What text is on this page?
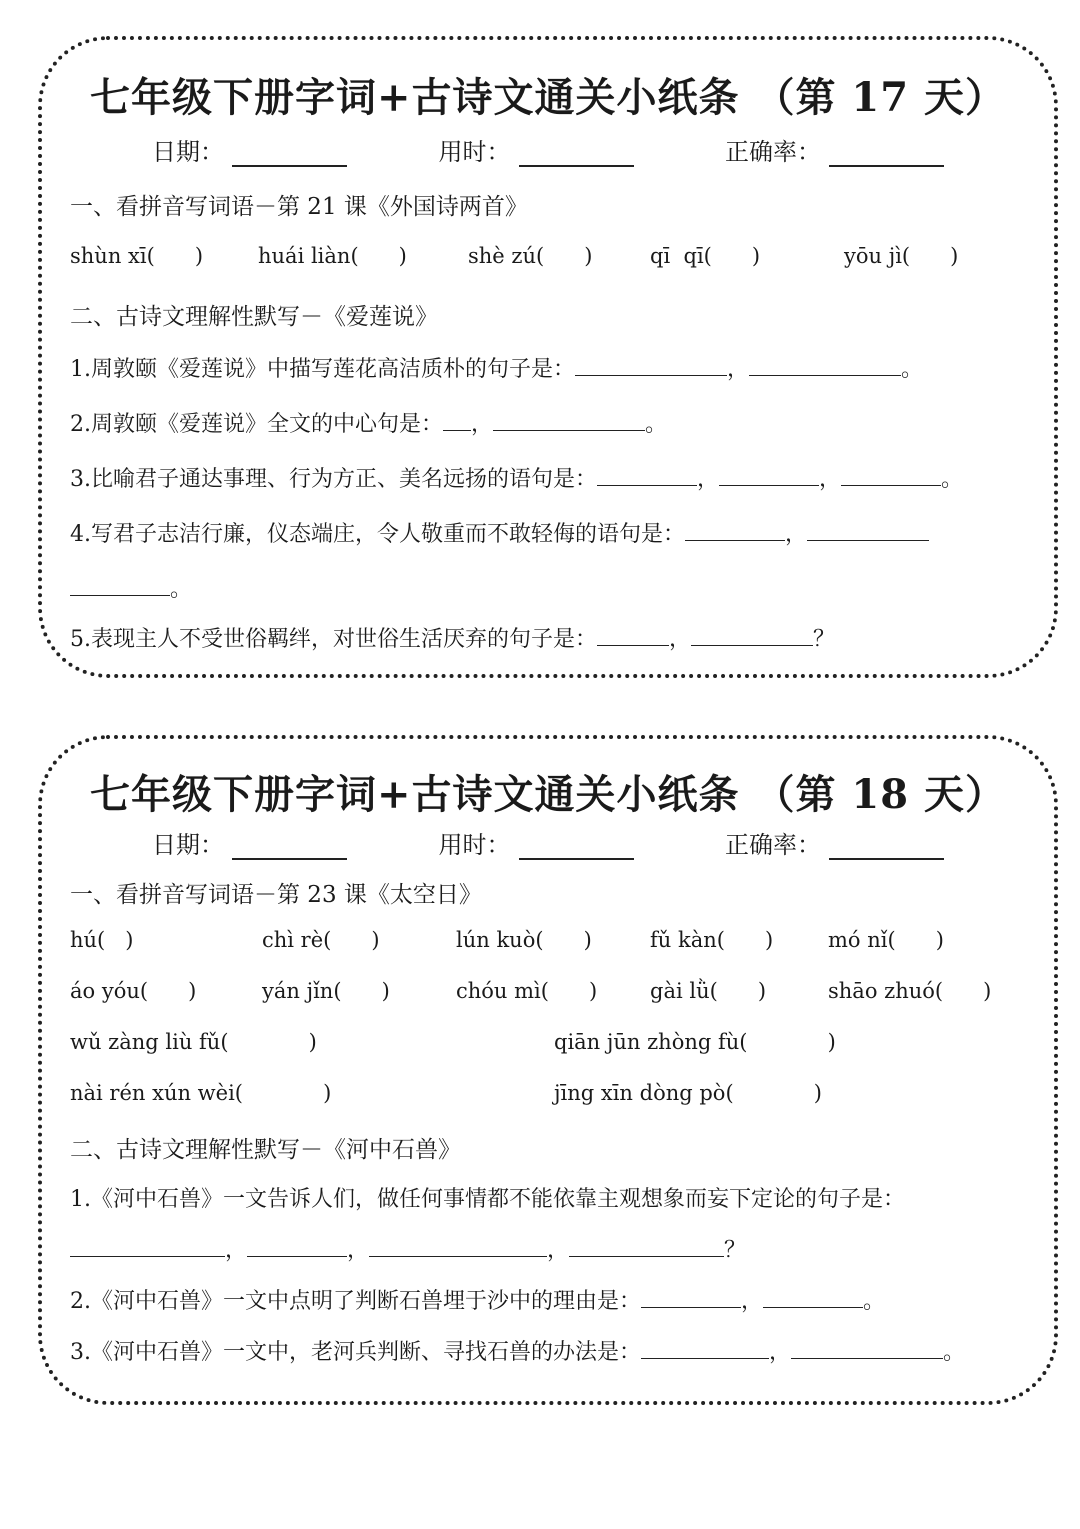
七年级下册字词+古诗文通关小纸条 （第 17 天）
日期：	用时：	正确率：
一、看拼音写词语－第 21 课《外国诗两首》
shùn xī(      )	huái liàn(      )	shè zú(      )	qī  qī(      )	yōu jì(      )
二、古诗文理解性默写－《爱莲说》
1.周敦颐《爱莲说》中描写莲花高洁质朴的句子是：	，	。
2.周敦颐《爱莲说》全文的中心句是： ，	。
3.比喻君子通达事理、行为方正、美名远扬的语句是：	，	，	。
4.写君子志洁行廉，仪态端庄，令人敬重而不敢轻侮的语句是：	，
。
5.表现主人不受世俗羁绊，对世俗生活厌弃的句子是：	，	？
七年级下册字词+古诗文通关小纸条 （第 18 天）
日期：	用时：	正确率：
一、看拼音写词语－第 23 课《太空日》
hú(   )	chì rè(      )	lún kuò(      )	fǔ kàn(      )	mó nǐ(      )
áo yóu(      )	yán jǐn(      )	chóu mì(      )	gài lǜ(      )	shāo zhuó(      )
wǔ zàng liù fǔ(            )	qiān jūn zhòng fù(            )
nài rén xún wèi(            )	jīng xīn dòng pò(            )
二、古诗文理解性默写－《河中石兽》
1.《河中石兽》一文告诉人们，做任何事情都不能依靠主观想象而妄下定论的句子是：
，	，	，	？
2.《河中石兽》一文中点明了判断石兽埋于沙中的理由是：	，	。
3.《河中石兽》一文中，老河兵判断、寻找石兽的办法是：	，	。
